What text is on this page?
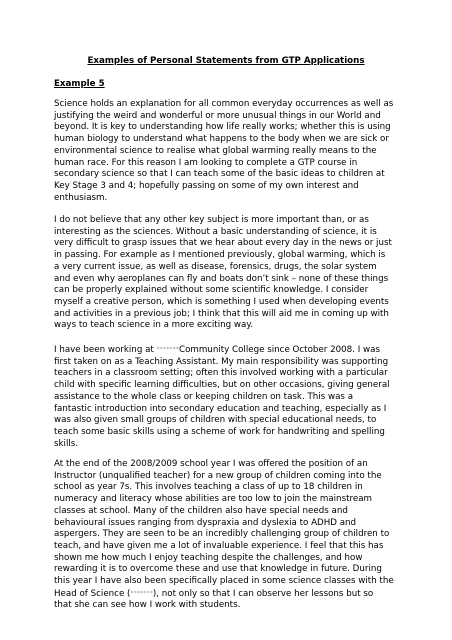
Examples of Personal Statements from GTP Applications
Example 5
Science holds an explanation for all common everyday occurrences as well as
justifying the weird and wonderful or more unusual things in our World and
beyond. It is key to understanding how life really works; whether this is using
human biology to understand what happens to the body when we are sick or
environmental science to realise what global warming really means to the
human race. For this reason I am looking to complete a GTP course in
secondary science so that I can teach some of the basic ideas to children at
Key Stage 3 and 4; hopefully passing on some of my own interest and
enthusiasm.
I do not believe that any other key subject is more important than, or as
interesting as the sciences. Without a basic understanding of science, it is
very difficult to grasp issues that we hear about every day in the news or just
in passing. For example as I mentioned previously, global warming, which is
a very current issue, as well as disease, forensics, drugs, the solar system
and even why aeroplanes can fly and boats don’t sink – none of these things
can be properly explained without some scientific knowledge. I consider
myself a creative person, which is something I used when developing events
and activities in a previous job; I think that this will aid me in coming up with
ways to teach science in a more exciting way.
I have been working at *******Community College since October 2008. I was
first taken on as a Teaching Assistant. My main responsibility was supporting
teachers in a classroom setting; often this involved working with a particular
child with specific learning difficulties, but on other occasions, giving general
assistance to the whole class or keeping children on task. This was a
fantastic introduction into secondary education and teaching, especially as I
was also given small groups of children with special educational needs, to
teach some basic skills using a scheme of work for handwriting and spelling
skills.
At the end of the 2008/2009 school year I was offered the position of an
Instructor (unqualified teacher) for a new group of children coming into the
school as year 7s. This involves teaching a class of up to 18 children in
numeracy and literacy whose abilities are too low to join the mainstream
classes at school. Many of the children also have special needs and
behavioural issues ranging from dyspraxia and dyslexia to ADHD and
aspergers. They are seen to be an incredibly challenging group of children to
teach, and have given me a lot of invaluable experience. I feel that this has
shown me how much I enjoy teaching despite the challenges, and how
rewarding it is to overcome these and use that knowledge in future. During
this year I have also been specifically placed in some science classes with the
Head of Science (*******), not only so that I can observe her lessons but so
that she can see how I work with students.
